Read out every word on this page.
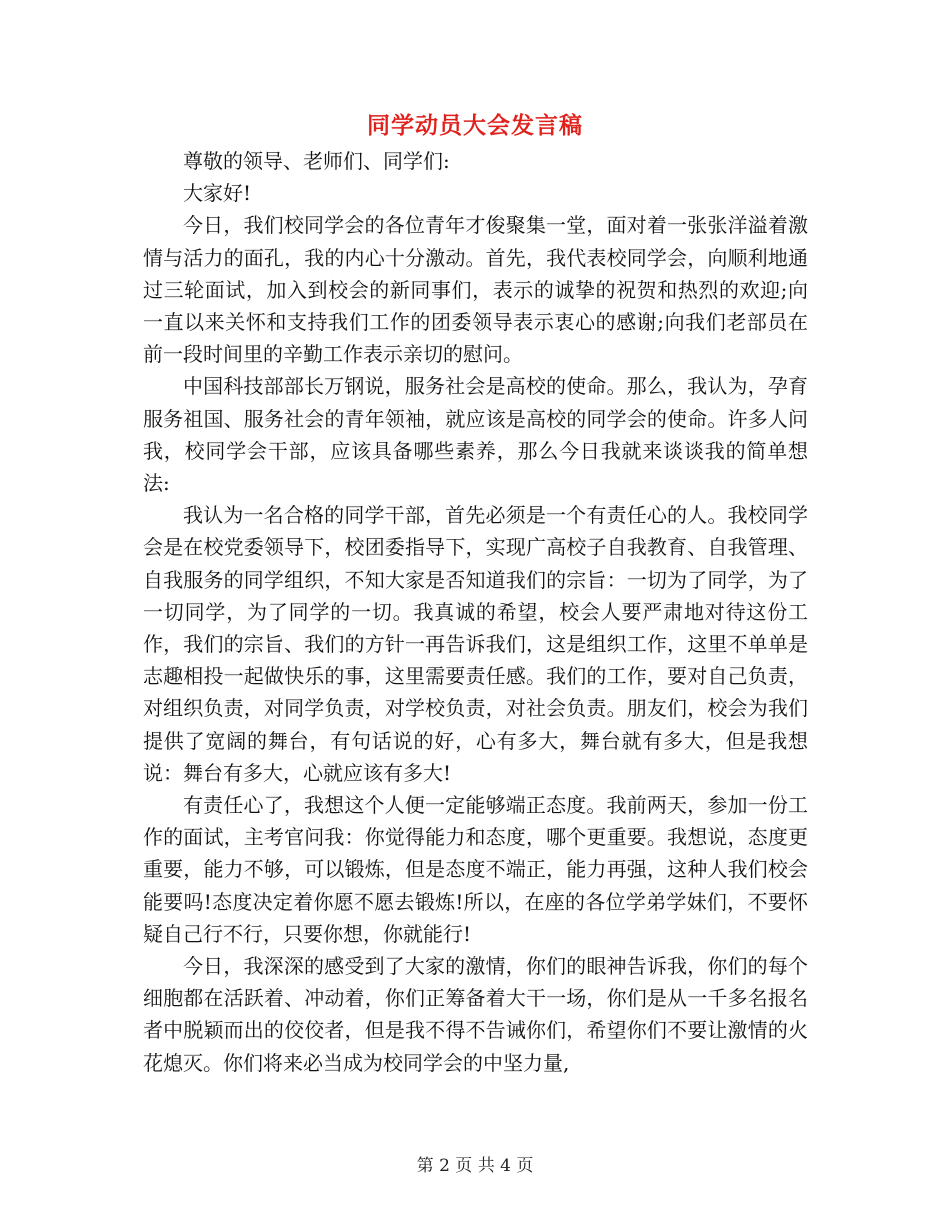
同学动员大会发言稿

尊敬的领导、老师们、同学们:

大家好!

今日，我们校同学会的各位青年才俊聚集一堂，面对着一张张洋溢着激情与活力的面孔，我的内心十分激动。首先，我代表校同学会，向顺利地通过三轮面试，加入到校会的新同事们，表示的诚挚的祝贺和热烈的欢迎;向一直以来关怀和支持我们工作的团委领导表示衷心的感谢;向我们老部员在前一段时间里的辛勤工作表示亲切的慰问。

中国科技部部长万钢说，服务社会是高校的使命。那么，我认为，孕育服务祖国、服务社会的青年领袖，就应该是高校的同学会的使命。许多人问我，校同学会干部，应该具备哪些素养，那么今日我就来谈谈我的简单想法:

我认为一名合格的同学干部，首先必须是一个有责任心的人。我校同学会是在校党委领导下，校团委指导下，实现广高校子自我教育、自我管理、自我服务的同学组织，不知大家是否知道我们的宗旨：一切为了同学，为了一切同学，为了同学的一切。我真诚的希望，校会人要严肃地对待这份工作，我们的宗旨、我们的方针一再告诉我们，这是组织工作，这里不单单是志趣相投一起做快乐的事，这里需要责任感。我们的工作，要对自己负责，对组织负责，对同学负责，对学校负责，对社会负责。朋友们，校会为我们提供了宽阔的舞台，有句话说的好，心有多大，舞台就有多大，但是我想说：舞台有多大，心就应该有多大!

有责任心了，我想这个人便一定能够端正态度。我前两天，参加一份工作的面试，主考官问我：你觉得能力和态度，哪个更重要。我想说，态度更重要，能力不够，可以锻炼，但是态度不端正，能力再强，这种人我们校会能要吗!态度决定着你愿不愿去锻炼!所以，在座的各位学弟学妹们，不要怀疑自己行不行，只要你想，你就能行!

今日，我深深的感受到了大家的激情，你们的眼神告诉我，你们的每个细胞都在活跃着、冲动着，你们正筹备着大干一场，你们是从一千多名报名者中脱颖而出的佼佼者，但是我不得不告诫你们，希望你们不要让激情的火花熄灭。你们将来必当成为校同学会的中坚力量,

第 2 页 共 4 页
